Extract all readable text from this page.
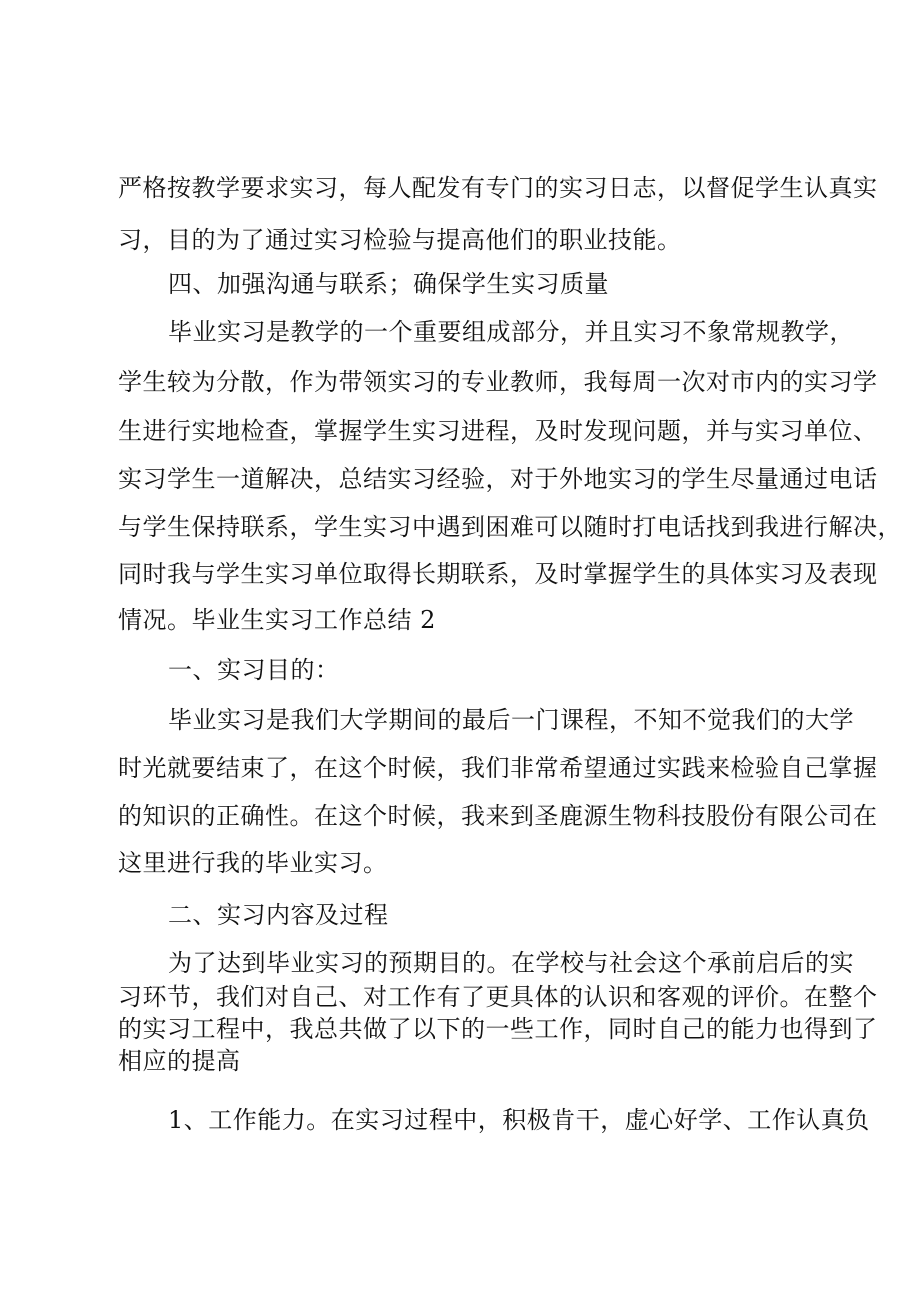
严格按教学要求实习，每人配发有专门的实习日志，以督促学生认真实
习，目的为了通过实习检验与提高他们的职业技能。
四、加强沟通与联系；确保学生实习质量
毕业实习是教学的一个重要组成部分，并且实习不象常规教学，
学生较为分散，作为带领实习的专业教师，我每周一次对市内的实习学
生进行实地检查，掌握学生实习进程，及时发现问题，并与实习单位、
实习学生一道解决，总结实习经验，对于外地实习的学生尽量通过电话
与学生保持联系，学生实习中遇到困难可以随时打电话找到我进行解决，
同时我与学生实习单位取得长期联系，及时掌握学生的具体实习及表现
情况。毕业生实习工作总结 2
一、实习目的：
毕业实习是我们大学期间的最后一门课程，不知不觉我们的大学
时光就要结束了，在这个时候，我们非常希望通过实践来检验自己掌握
的知识的正确性。在这个时候，我来到圣鹿源生物科技股份有限公司在
这里进行我的毕业实习。
二、实习内容及过程
为了达到毕业实习的预期目的。在学校与社会这个承前启后的实
习环节，我们对自己、对工作有了更具体的认识和客观的评价。在整个
的实习工程中，我总共做了以下的一些工作，同时自己的能力也得到了
相应的提高
1、工作能力。在实习过程中，积极肯干，虚心好学、工作认真负
